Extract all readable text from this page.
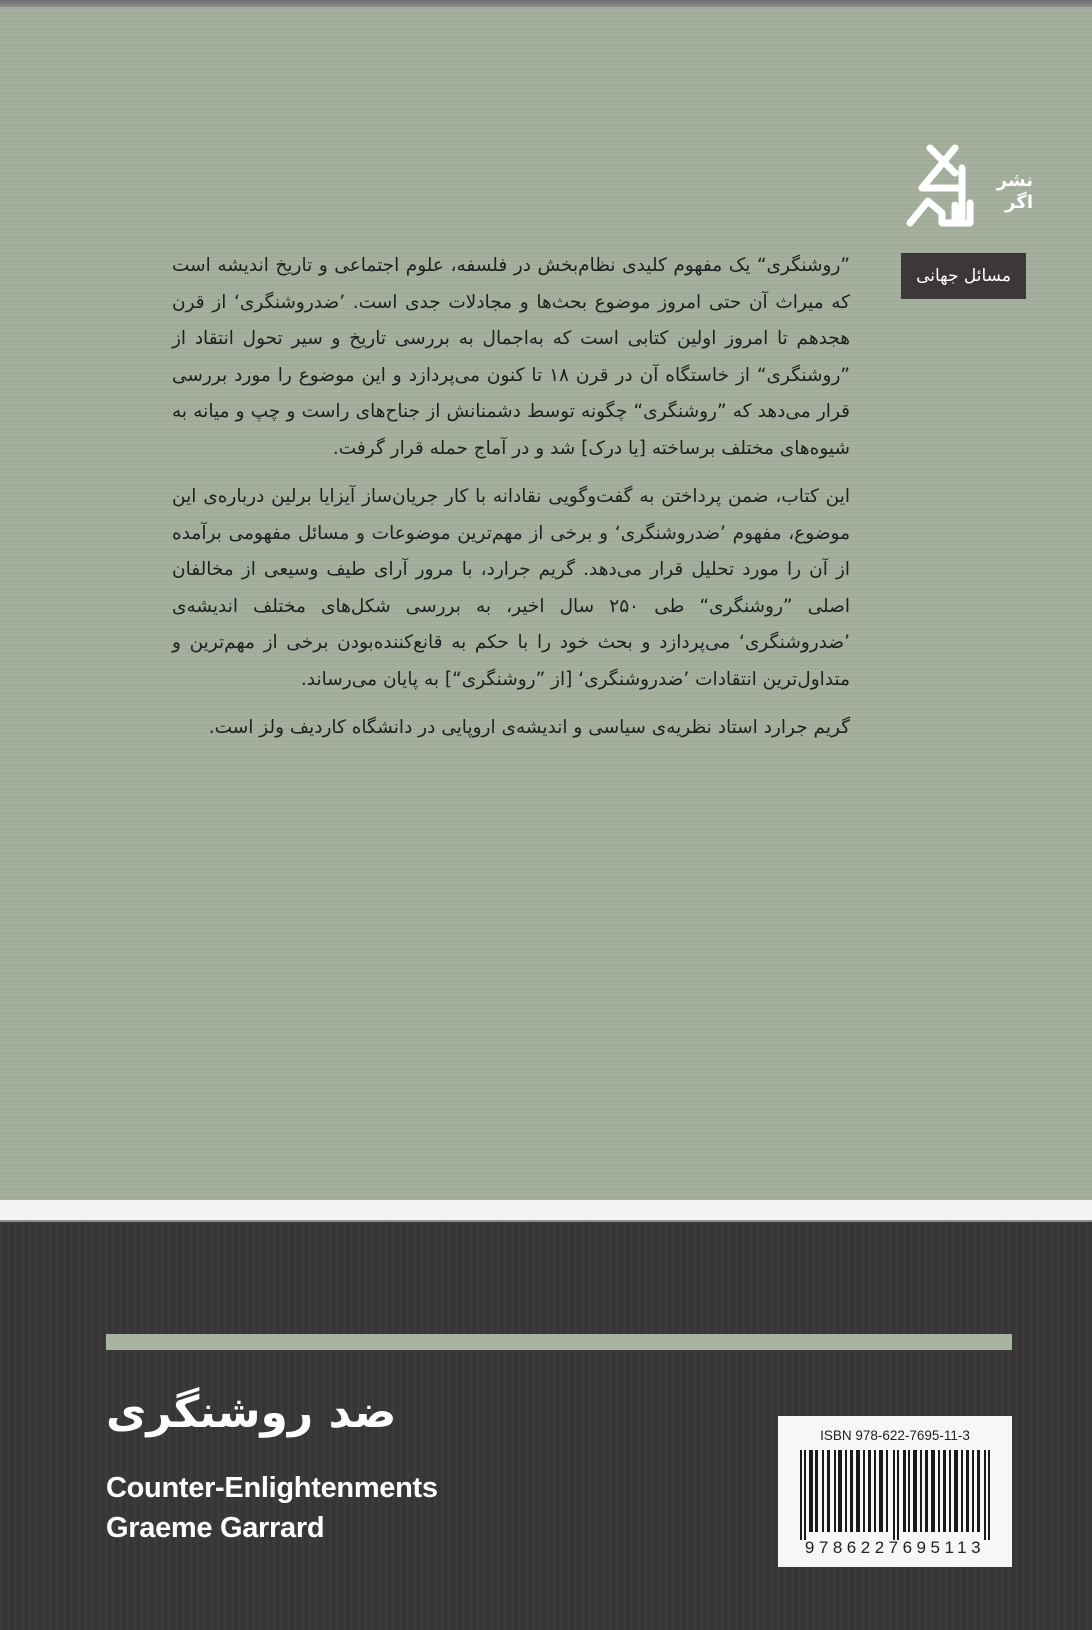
نشر
اگر
مسائل جهانی

”روشنگری“ یک مفهوم کلیدی نظام‌بخش در فلسفه، علوم اجتماعی و تاریخ اندیشه است که میراث آن حتی امروز موضوع بحث‌ها و مجادلات جدی است. ’ضدروشنگری‘ از قرن هجدهم تا امروز اولین کتابی است که به‌اجمال به بررسی تاریخ و سیر تحول انتقاد از ”روشنگری“ از خاستگاه آن در قرن ۱۸ تا کنون می‌پردازد و این موضوع را مورد بررسی قرار می‌دهد که ”روشنگری“ چگونه توسط دشمنانش از جناح‌های راست و چپ و میانه به شیوه‌های مختلف برساخته [یا درک] شد و در آماج حمله قرار گرفت.

این کتاب، ضمن پرداختن به گفت‌وگویی نقادانه با کار جریان‌ساز آیزایا برلین درباره‌ی این موضوع، مفهوم ’ضدروشنگری‘ و برخی از مهم‌ترین موضوعات و مسائل مفهومی برآمده از آن را مورد تحلیل قرار می‌دهد. گریم جرارد، با مرور آرای طیف وسیعی از مخالفان اصلی ”روشنگری“ طی ۲۵۰ سال اخیر، به بررسی شکل‌های مختلف اندیشه‌ی ’ضدروشنگری‘ می‌پردازد و بحث خود را با حکم به قانع‌کننده‌بودن برخی از مهم‌ترین و متداول‌ترین انتقادات ’ضدروشنگری‘ [از ”روشنگری“] به پایان می‌رساند.

گریم جرارد استاد نظریه‌ی سیاسی و اندیشه‌ی اروپایی در دانشگاه کاردیف ولز است.

ضد روشنگری
Counter-Enlightenments
Graeme Garrard
ISBN 978-622-7695-11-3
9786227695113
